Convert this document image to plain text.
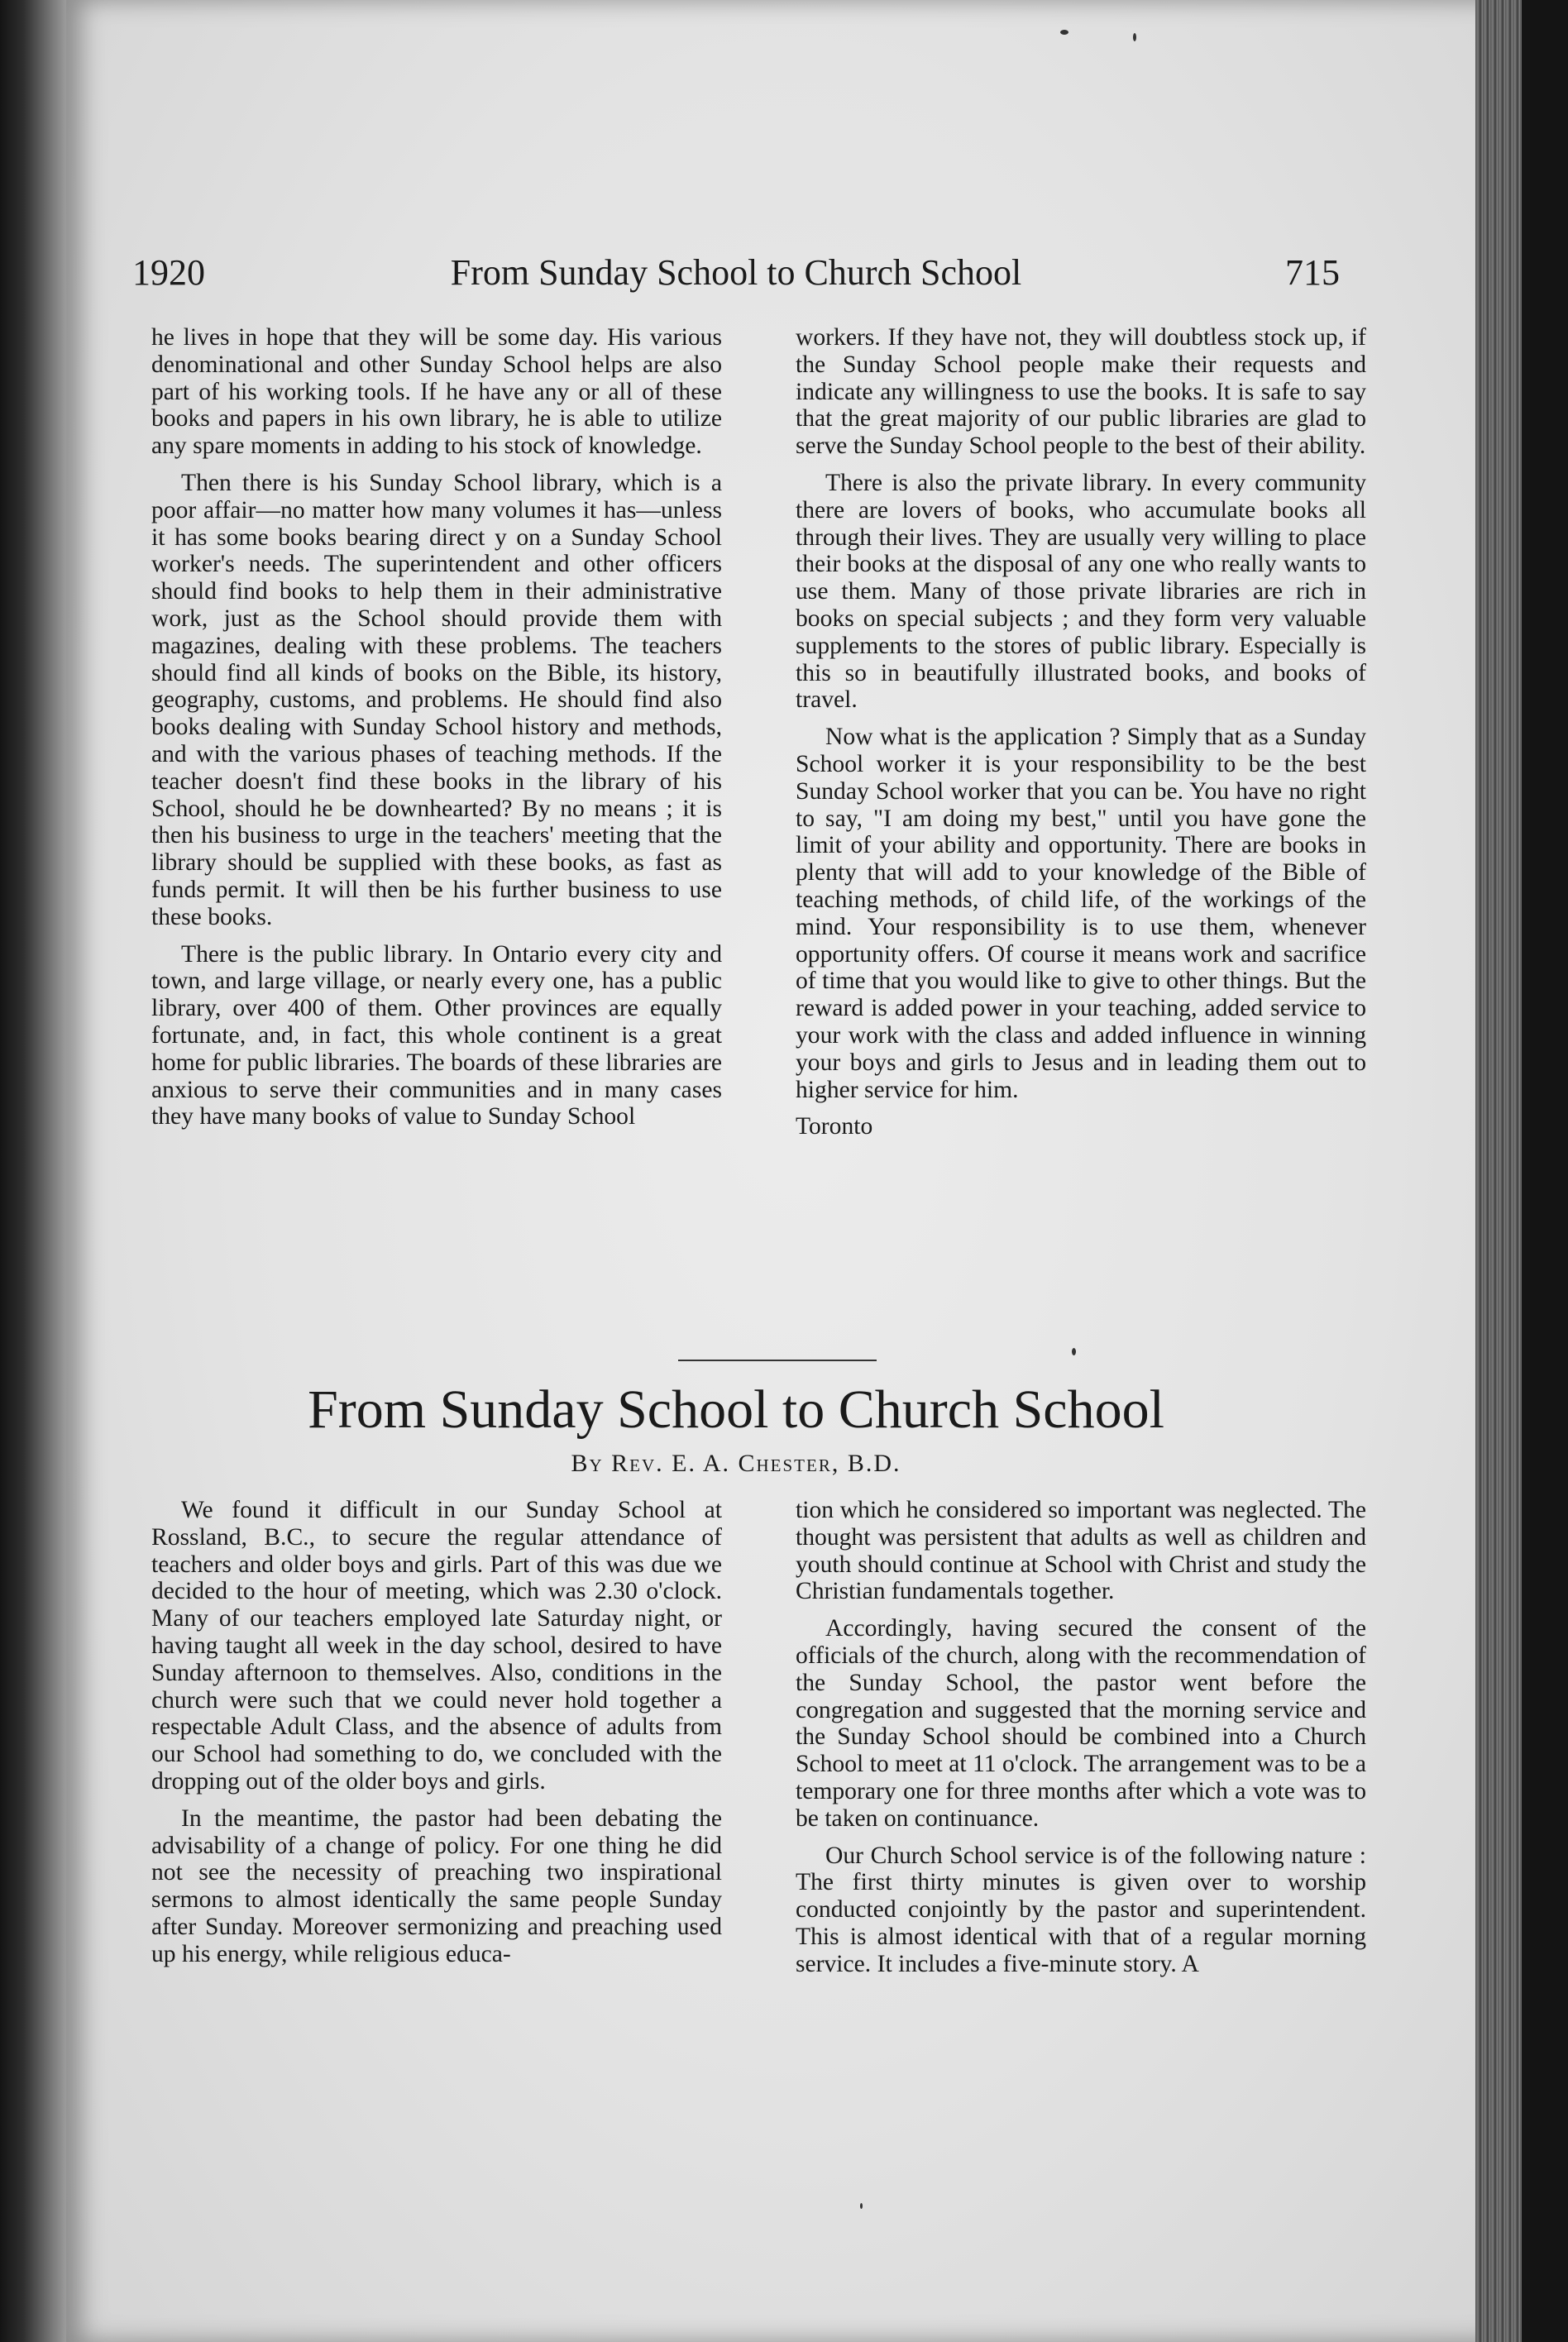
1920	From Sunday School to Church School	715

he lives in hope that they will be some day. His various denominational and other Sunday School helps are also part of his working tools. If he have any or all of these books and papers in his own library, he is able to utilize any spare moments in adding to his stock of knowledge.

Then there is his Sunday School library, which is a poor affair—no matter how many volumes it has—unless it has some books bearing direct y on a Sunday School worker's needs. The superintendent and other officers should find books to help them in their administrative work, just as the School should provide them with magazines, dealing with these problems. The teachers should find all kinds of books on the Bible, its history, geography, customs, and problems. He should find also books dealing with Sunday School history and methods, and with the various phases of teaching methods. If the teacher doesn't find these books in the library of his School, should he be downhearted? By no means ; it is then his business to urge in the teachers' meeting that the library should be supplied with these books, as fast as funds permit. It will then be his further business to use these books.

There is the public library. In Ontario every city and town, and large village, or nearly every one, has a public library, over 400 of them. Other provinces are equally fortunate, and, in fact, this whole continent is a great home for public libraries. The boards of these libraries are anxious to serve their communities and in many cases they have many books of value to Sunday School

workers. If they have not, they will doubtless stock up, if the Sunday School people make their requests and indicate any willingness to use the books. It is safe to say that the great majority of our public libraries are glad to serve the Sunday School people to the best of their ability.

There is also the private library. In every community there are lovers of books, who accumulate books all through their lives. They are usually very willing to place their books at the disposal of any one who really wants to use them. Many of those private libraries are rich in books on special subjects ; and they form very valuable supplements to the stores of public library. Especially is this so in beautifully illustrated books, and books of travel.

Now what is the application ? Simply that as a Sunday School worker it is your responsibility to be the best Sunday School worker that you can be. You have no right to say, "I am doing my best," until you have gone the limit of your ability and opportunity. There are books in plenty that will add to your knowledge of the Bible of teaching methods, of child life, of the workings of the mind. Your responsibility is to use them, whenever opportunity offers. Of course it means work and sacrifice of time that you would like to give to other things. But the reward is added power in your teaching, added service to your work with the class and added influence in winning your boys and girls to Jesus and in leading them out to higher service for him.

Toronto

From Sunday School to Church School
By Rev. E. A. Chester, B.D.

We found it difficult in our Sunday School at Rossland, B.C., to secure the regular attendance of teachers and older boys and girls. Part of this was due we decided to the hour of meeting, which was 2.30 o'clock. Many of our teachers employed late Saturday night, or having taught all week in the day school, desired to have Sunday afternoon to themselves. Also, conditions in the church were such that we could never hold together a respectable Adult Class, and the absence of adults from our School had something to do, we concluded with the dropping out of the older boys and girls.

In the meantime, the pastor had been debating the advisability of a change of policy. For one thing he did not see the necessity of preaching two inspirational sermons to almost identically the same people Sunday after Sunday. Moreover sermonizing and preaching used up his energy, while religious educa-

tion which he considered so important was neglected. The thought was persistent that adults as well as children and youth should continue at School with Christ and study the Christian fundamentals together.

Accordingly, having secured the consent of the officials of the church, along with the recommendation of the Sunday School, the pastor went before the congregation and suggested that the morning service and the Sunday School should be combined into a Church School to meet at 11 o'clock. The arrangement was to be a temporary one for three months after which a vote was to be taken on continuance.

Our Church School service is of the following nature : The first thirty minutes is given over to worship conducted conjointly by the pastor and superintendent. This is almost identical with that of a regular morning service. It includes a five-minute story. A
